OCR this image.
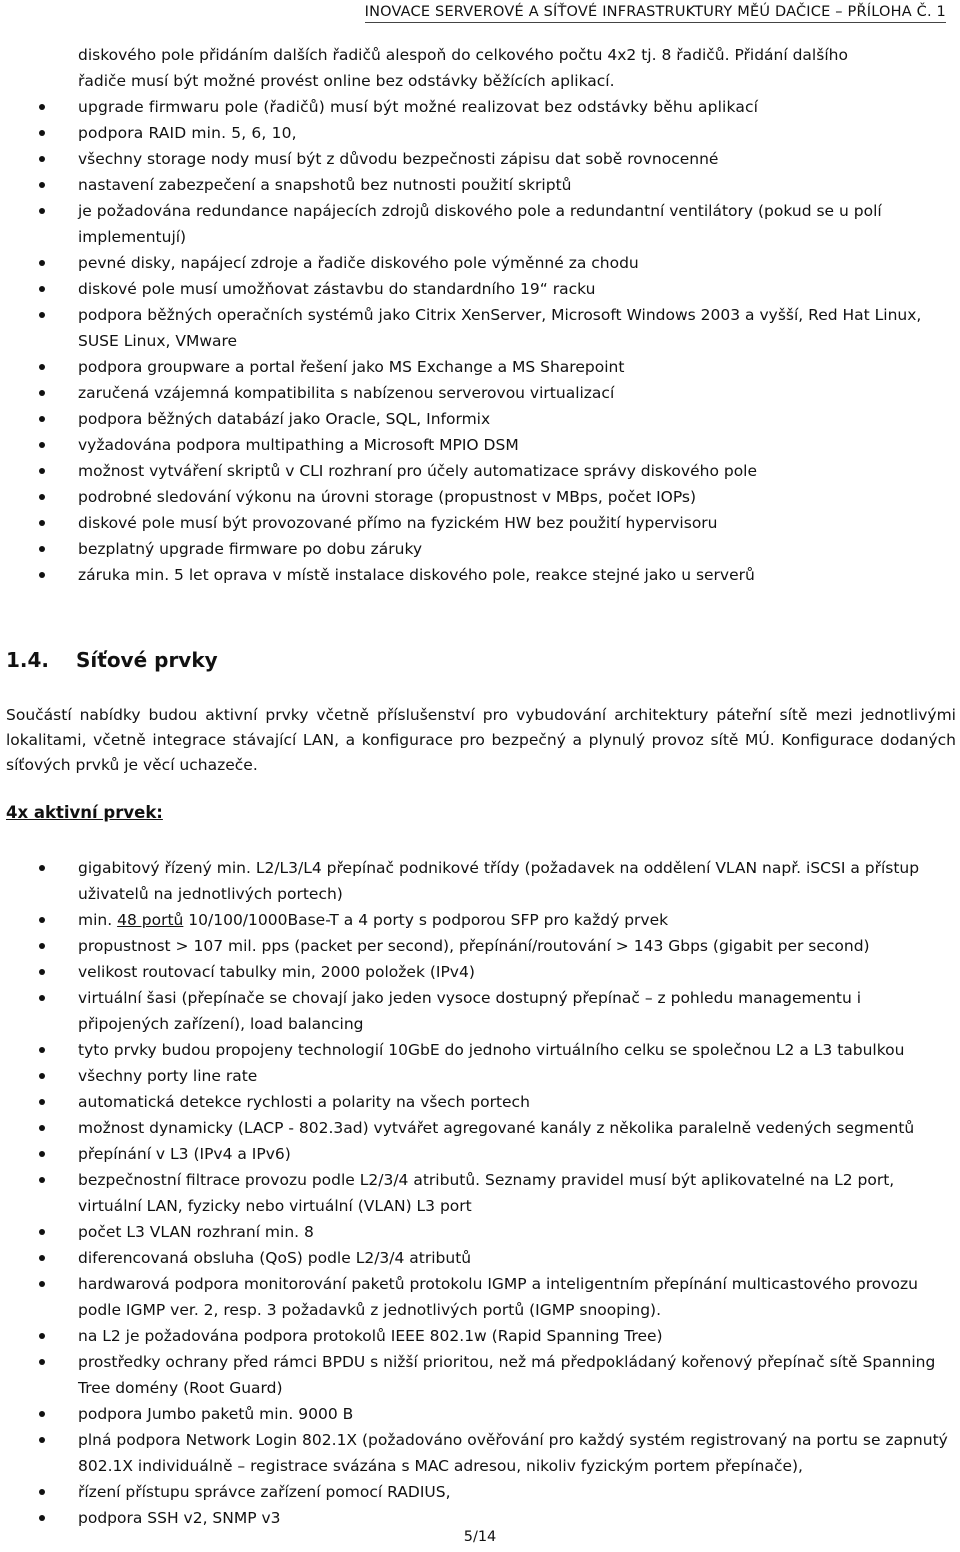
INOVACE SERVEROVÉ A SÍŤOVÉ INFRASTRUKTURY MĚÚ DAČICE – PŘÍLOHA Č. 1
diskového pole přidáním dalších řadičů alespoň do celkového počtu 4x2 tj. 8 řadičů. Přidání dalšího
řadiče musí být možné provést online bez odstávky běžících aplikací.
upgrade firmwaru pole (řadičů) musí být možné realizovat bez odstávky běhu aplikací
podpora RAID min. 5, 6, 10,
všechny storage nody musí být z důvodu bezpečnosti zápisu dat sobě rovnocenné
nastavení zabezpečení a snapshotů bez nutnosti použití skriptů
je požadována redundance napájecích zdrojů diskového pole a redundantní ventilátory (pokud se u polí implementují)
pevné disky, napájecí zdroje a řadiče diskového pole výměnné za chodu
diskové pole musí umožňovat zástavbu do standardního 19“ racku
podpora běžných operačních systémů jako Citrix XenServer, Microsoft Windows 2003 a vyšší, Red Hat Linux, SUSE Linux, VMware
podpora groupware a portal řešení jako MS Exchange a MS Sharepoint
zaručená vzájemná kompatibilita s nabízenou serverovou virtualizací
podpora běžných databází jako Oracle, SQL, Informix
vyžadována podpora multipathing a Microsoft MPIO DSM
možnost vytváření skriptů v CLI rozhraní pro účely automatizace správy diskového pole
podrobné sledování výkonu na úrovni storage (propustnost v MBps, počet IOPs)
diskové pole musí být provozované přímo na fyzickém HW bez použití hypervisoru
bezplatný upgrade firmware po dobu záruky
záruka min. 5 let oprava v místě instalace diskového pole, reakce stejné jako u serverů
1.4. Síťové prvky

Součástí nabídky budou aktivní prvky včetně příslušenství pro vybudování architektury páteřní sítě mezi jednotlivými lokalitami, včetně integrace stávající LAN, a konfigurace pro bezpečný a plynulý provoz sítě MÚ. Konfigurace dodaných síťových prvků je věcí uchazeče.

4x aktivní prvek:
gigabitový řízený min. L2/L3/L4 přepínač podnikové třídy (požadavek na oddělení VLAN např. iSCSI a přístup uživatelů na jednotlivých portech)
min. 48 portů 10/100/1000Base-T a 4 porty s podporou SFP pro každý prvek
propustnost > 107 mil. pps (packet per second), přepínání/routování > 143 Gbps (gigabit per second)
velikost routovací tabulky min, 2000 položek (IPv4)
virtuální šasi (přepínače se chovají jako jeden vysoce dostupný přepínač – z pohledu managementu i připojených zařízení), load balancing
tyto prvky budou propojeny technologií 10GbE do jednoho virtuálního celku se společnou L2 a L3 tabulkou
všechny porty line rate
automatická detekce rychlosti a polarity na všech portech
možnost dynamicky (LACP - 802.3ad) vytvářet agregované kanály z několika paralelně vedených segmentů
přepínání v L3 (IPv4 a IPv6)
bezpečnostní filtrace provozu podle L2/3/4 atributů. Seznamy pravidel musí být aplikovatelné na L2 port, virtuální LAN, fyzicky nebo virtuální (VLAN) L3 port
počet L3 VLAN rozhraní min. 8
diferencovaná obsluha (QoS) podle L2/3/4 atributů
hardwarová podpora monitorování paketů protokolu IGMP a inteligentním přepínání multicastového provozu podle IGMP ver. 2, resp. 3 požadavků z jednotlivých portů (IGMP snooping).
na L2 je požadována podpora protokolů IEEE 802.1w (Rapid Spanning Tree)
prostředky ochrany před rámci BPDU s nižší prioritou, než má předpokládaný kořenový přepínač sítě Spanning Tree domény (Root Guard)
podpora Jumbo paketů min. 9000 B
plná podpora Network Login 802.1X (požadováno ověřování pro každý systém registrovaný na portu se zapnutý 802.1X individuálně – registrace svázána s MAC adresou, nikoliv fyzickým portem přepínače),
řízení přístupu správce zařízení pomocí RADIUS,
podpora SSH v2, SNMP v3
5/14
